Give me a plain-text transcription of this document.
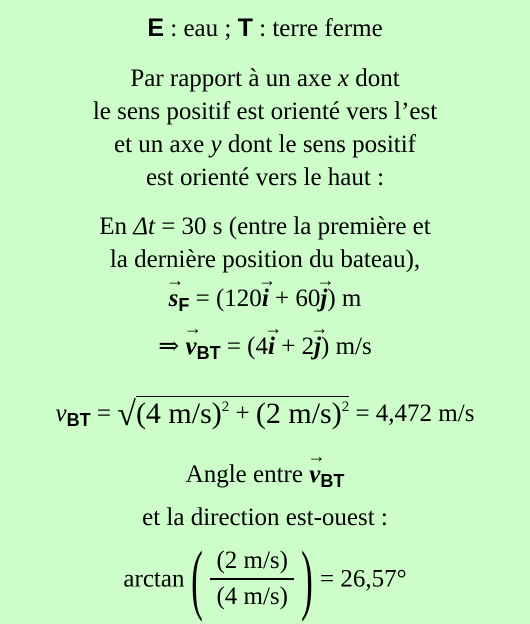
E : eau ; T : terre ferme
Par rapport à un axe x dont
le sens positif est orienté vers l’est
et un axe y dont le sens positif
est orienté vers le haut :
En Δt = 30 s (entre la première et
la dernière position du bateau),
→
$s_F = (120$
→
i + 60
→
j) m
⇒
→
$v_{BT} = (4$
→
i + 2
→
j) m/s
$v_{BT} = √(4$ m/s)$^2$ + (2 m/s)$^2$ = 4,472 m/s
Angle entre
→
$v_{BT}$
et la direction est-ouest :
$\arctan( \frac{(2 m/s)}{(4 m/s)}$ ) = 26,57°
